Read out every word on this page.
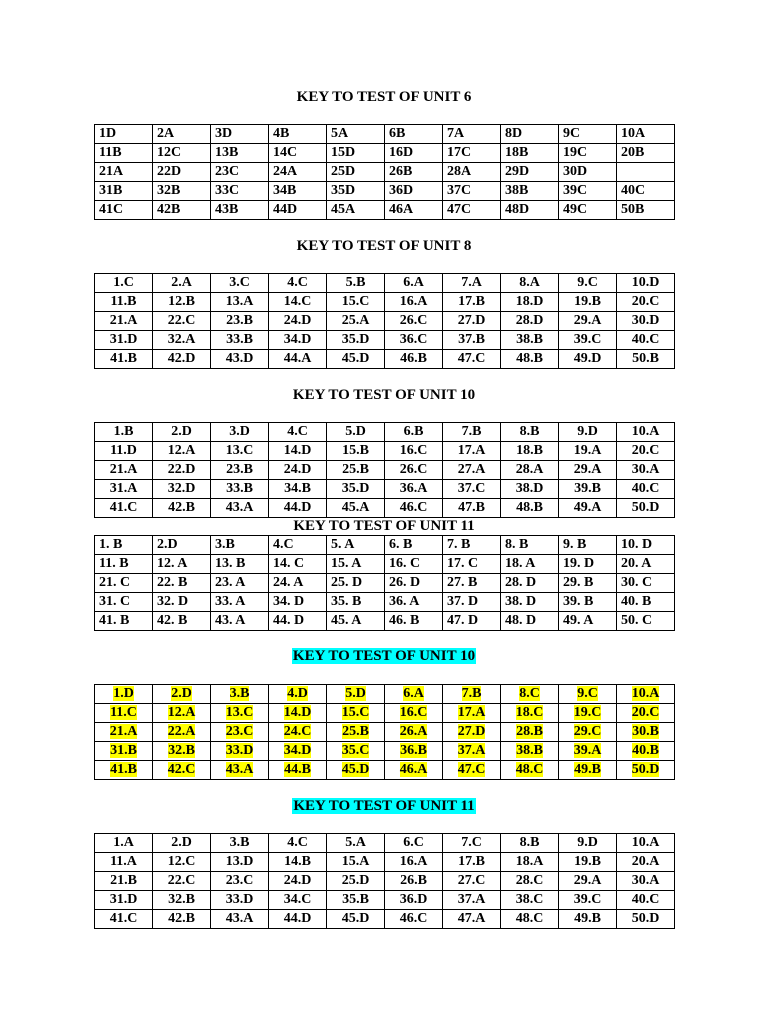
KEY TO TEST OF UNIT 6
1D	2A	3D	4B	5A	6B	7A	8D	9C	10A
11B	12C	13B	14C	15D	16D	17C	18B	19C	20B
21A	22D	23C	24A	25D	26B	28A	29D	30D	
31B	32B	33C	34B	35D	36D	37C	38B	39C	40C
41C	42B	43B	44D	45A	46A	47C	48D	49C	50B
KEY TO TEST OF UNIT 8
1.C	2.A	3.C	4.C	5.B	6.A	7.A	8.A	9.C	10.D
11.B	12.B	13.A	14.C	15.C	16.A	17.B	18.D	19.B	20.C
21.A	22.C	23.B	24.D	25.A	26.C	27.D	28.D	29.A	30.D
31.D	32.A	33.B	34.D	35.D	36.C	37.B	38.B	39.C	40.C
41.B	42.D	43.D	44.A	45.D	46.B	47.C	48.B	49.D	50.B
KEY TO TEST OF UNIT 10
1.B	2.D	3.D	4.C	5.D	6.B	7.B	8.B	9.D	10.A
11.D	12.A	13.C	14.D	15.B	16.C	17.A	18.B	19.A	20.C
21.A	22.D	23.B	24.D	25.B	26.C	27.A	28.A	29.A	30.A
31.A	32.D	33.B	34.B	35.D	36.A	37.C	38.D	39.B	40.C
41.C	42.B	43.A	44.D	45.A	46.C	47.B	48.B	49.A	50.D
KEY TO TEST OF UNIT 11
1. B	2.D	3.B	4.C	5. A	6. B	7. B	8. B	9. B	10. D
11. B	12. A	13. B	14. C	15. A	16. C	17. C	18. A	19. D	20. A
21. C	22. B	23. A	24. A	25. D	26. D	27. B	28. D	29. B	30. C
31. C	32. D	33. A	34. D	35. B	36. A	37. D	38. D	39. B	40. B
41. B	42. B	43. A	44. D	45. A	46. B	47. D	48. D	49. A	50. C
KEY TO TEST OF UNIT 10
1.D	2.D	3.B	4.D	5.D	6.A	7.B	8.C	9.C	10.A
11.C	12.A	13.C	14.D	15.C	16.C	17.A	18.C	19.C	20.C
21.A	22.A	23.C	24.C	25.B	26.A	27.D	28.B	29.C	30.B
31.B	32.B	33.D	34.D	35.C	36.B	37.A	38.B	39.A	40.B
41.B	42.C	43.A	44.B	45.D	46.A	47.C	48.C	49.B	50.D
KEY TO TEST OF UNIT 11
1.A	2.D	3.B	4.C	5.A	6.C	7.C	8.B	9.D	10.A
11.A	12.C	13.D	14.B	15.A	16.A	17.B	18.A	19.B	20.A
21.B	22.C	23.C	24.D	25.D	26.B	27.C	28.C	29.A	30.A
31.D	32.B	33.D	34.C	35.B	36.D	37.A	38.C	39.C	40.C
41.C	42.B	43.A	44.D	45.D	46.C	47.A	48.C	49.B	50.D
